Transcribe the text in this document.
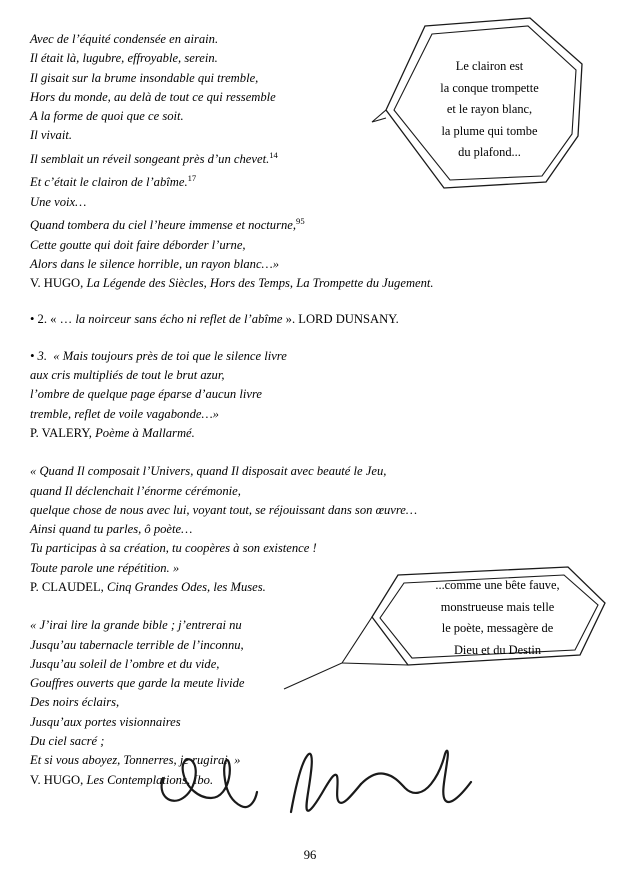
Avec de l’équité condensée en airain.
Il était là, lugubre, effroyable, serein.
Il gisait sur la brume insondable qui tremble,
Hors du monde, au delà de tout ce qui ressemble
A la forme de quoi que ce soit.
Il vivait.
Il semblait un réveil songeant près d’un chevet.$^{14}$
Et c’était le clairon de l’abîme.$^{17}$
Une voix…
Quand tombera du ciel l’heure immense et nocturne,$^{95}$
Cette goutte qui doit faire déborder l’urne,
Alors dans le silence horrible, un rayon blanc…»
V. HUGO, La Légende des Siècles, Hors des Temps, La Trompette du Jugement.
• 2. « … la noirceur sans écho ni reflet de l’abîme ». LORD DUNSANY.
• 3.  « Mais toujours près de toi que le silence livre
aux cris multipliés de tout le brut azur,
l’ombre de quelque page éparse d’aucun livre
tremble, reflet de voile vagabonde…»
P. VALERY, Poème à Mallarmé.
« Quand Il composait l’Univers, quand Il disposait avec beauté le Jeu,
quand Il déclenchait l’énorme cérémonie,
quelque chose de nous avec lui, voyant tout, se réjouissant dans son œuvre…
Ainsi quand tu parles, ô poète…
Tu participas à sa création, tu coopères à son existence !
Toute parole une répétition. »
P. CLAUDEL, Cinq Grandes Odes, les Muses.
« J’irai lire la grande bible ; j’entrerai nu
Jusqu’au tabernacle terrible de l’inconnu,
Jusqu’au soleil de l’ombre et du vide,
Gouffres ouverts que garde la meute livide
Des noirs éclairs,
Jusqu’aux portes visionnaires
Du ciel sacré ;
Et si vous aboyez, Tonnerres, je rugirai. »
V. HUGO, Les Contemplations, Ibo.
Le clairon est
la conque trompette
et le rayon blanc,
la plume qui tombe
du plafond...
...comme une bête fauve,
monstrueuse mais telle
le poète, messagère de
Dieu et du Destin
96
